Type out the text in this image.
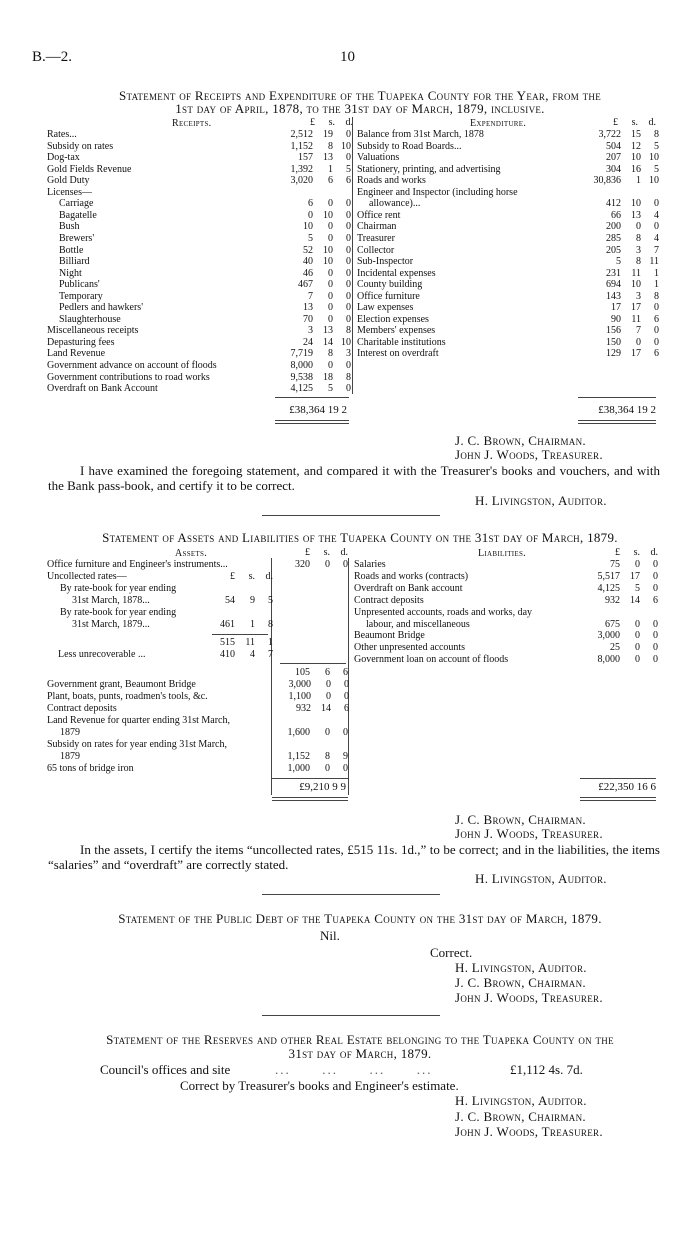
B.—2.	10
Statement of Receipts and Expenditure of the Tuapeka County for the Year, from the
1st day of April, 1878, to the 31st day of March, 1879, inclusive.
Receipts.	£	s.	d.	Expenditure.	£	s.	d.
Rates...	2,512	19	0
Subsidy on rates	1,152	8 10
Dog-tax	157	13	0
Gold Fields Revenue	1,392	1	5
Gold Duty	3,020	6	6
Licenses—
Carriage	6	0	0
Bagatelle	0	10	0
Bush	10	0	0
Brewers'	5	0	0
Bottle	52	10	0
Billiard	40	10	0
Night	46	0	0
Publicans'	467	0	0
Temporary	7	0	0
Pedlers and hawkers'	13	0	0
Slaughterhouse	70	0	0
Miscellaneous receipts	3	13	8
Depasturing fees	24	14 10
Land Revenue	7,719	8	3
Government advance on account of floods	8,000	0	0
Government contributions to road works	9,538	18	8
Overdraft on Bank Account	4,125	5	0
Balance from 31st March, 1878	3,722	15	8
Subsidy to Road Boards...	504	12	5
Valuations	207	10 10
Stationery, printing, and advertising	304	16	5
Roads and works	30,836	1 10
Engineer and Inspector (including horse
allowance)...	412	10	0
Office rent	66	13	4
Chairman	200	0	0
Treasurer	285	8	4
Collector	205	3	7
Sub-Inspector	5	8 11
Incidental expenses	231	11	1
County building	694	10	1
Office furniture	143	3	8
Law expenses	17	17	0
Election expenses	90	11	6
Members' expenses	156	7	0
Charitable institutions	150	0	0
Interest on overdraft	129	17	6
£38,364 19 2	£38,364 19 2
J. C. Brown, Chairman.
John J. Woods, Treasurer.
I have examined the foregoing statement, and compared it with the Treasurer's books and vouchers, and with the Bank pass-book, and certify it to be correct.
H. Livingston, Auditor.
Statement of Assets and Liabilities of the Tuapeka County on the 31st day of March, 1879.
Assets.	£	s.	d.	Liabilities.	£	s.	d.
Office furniture and Engineer's instruments...	320	0	0
Uncollected rates—	£	s.	d.
By rate-book for year ending
31st March, 1878...	54	9	5
By rate-book for year ending
31st March, 1879...	461	1	8
515	11	1
Less unrecoverable ...	410	4	7
105	6	6
Government grant, Beaumont Bridge	3,000	0	0
Plant, boats, punts, roadmen's tools, &c.	1,100	0	0
Contract deposits	932	14	6
Land Revenue for quarter ending 31st March,
1879	1,600	0	0
Subsidy on rates for year ending 31st March,
1879	1,152	8	9
65 tons of bridge iron	1,000	0	0
£9,210 9 9
Salaries	75	0	0
Roads and works (contracts)	5,517	17	0
Overdraft on Bank account	4,125	5	0
Contract deposits	932	14	6
Unpresented accounts, roads and works, day
labour, and miscellaneous	675	0	0
Beaumont Bridge	3,000	0	0
Other unpresented accounts	25	0	0
Government loan on account of floods	8,000	0	0
£22,350 16 6
J. C. Brown, Chairman.
John J. Woods, Treasurer.
In the assets, I certify the items “uncollected rates, £515 11s. 1d.,” to be correct; and in the liabilities, the items “salaries” and “overdraft” are correctly stated.
H. Livingston, Auditor.
Statement of the Public Debt of the Tuapeka County on the 31st day of March, 1879.
Nil.
Correct.
H. Livingston, Auditor.
J. C. Brown, Chairman.
John J. Woods, Treasurer.
Statement of the Reserves and other Real Estate belonging to the Tuapeka County on the
31st day of March, 1879.
Council's offices and site	...      ...      ...      ...	£1,112 4s. 7d.
Correct by Treasurer's books and Engineer's estimate.
H. Livingston, Auditor.
J. C. Brown, Chairman.
John J. Woods, Treasurer.
